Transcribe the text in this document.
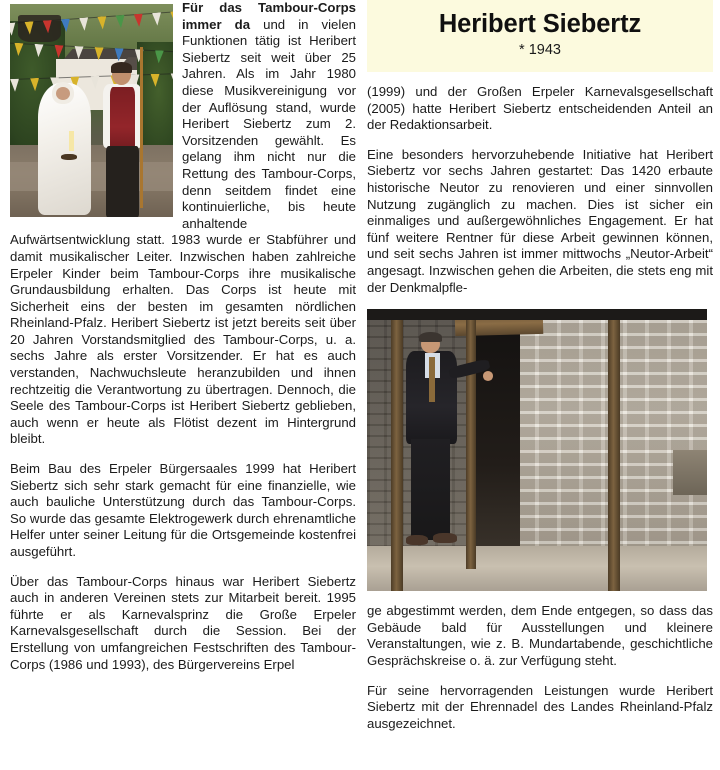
Für das Tambour-Corps immer da und in vielen Funktionen tätig ist Heribert Siebertz seit weit über 25 Jahren. Als im Jahr 1980 diese Musikvereinigung vor der Auflösung stand, wurde Heribert Siebertz zum 2. Vorsitzenden gewählt. Es gelang ihm nicht nur die Rettung des Tambour-Corps, denn seitdem findet eine kontinuierliche, bis heute anhaltende Aufwärtsentwicklung statt. 1983 wurde er Stabführer und damit musikalischer Leiter. Inzwischen haben zahlreiche Erpeler Kinder beim Tambour-Corps ihre musikalische Grundausbildung erhalten. Das Corps ist heute mit Sicherheit eins der besten im gesamten nördlichen Rheinland-Pfalz. Heribert Siebertz ist jetzt bereits seit über 20 Jahren Vorstandsmitglied des Tambour-Corps, u. a. sechs Jahre als erster Vorsitzender. Er hat es auch verstanden, Nachwuchsleute heranzubilden und ihnen rechtzeitig die Verantwortung zu übertragen. Dennoch, die Seele des Tambour-Corps ist Heribert Siebertz geblieben, auch wenn er heute als Flötist dezent im Hintergrund bleibt.

Beim Bau des Erpeler Bürgersaales 1999 hat Heribert Siebertz sich sehr stark gemacht für eine finanzielle, wie auch bauliche Unterstützung durch das Tambour-Corps. So wurde das gesamte Elektrogewerk durch ehrenamtliche Helfer unter seiner Leitung für die Ortsgemeinde kostenfrei ausgeführt.

Über das Tambour-Corps hinaus war Heribert Siebertz auch in anderen Vereinen stets zur Mitarbeit bereit. 1995 führte er als Karnevalsprinz die Große Erpeler Karnevalsgesellschaft durch die Session. Bei der Erstellung von umfangreichen Festschriften des Tambour-Corps (1986 und 1993), des Bürgervereins Erpel

Heribert Siebertz
* 1943

(1999) und der Großen Erpeler Karnevalsgesellschaft (2005) hatte Heribert Siebertz entscheidenden Anteil an der Redaktionsarbeit.

Eine besonders hervorzuhebende Initiative hat Heribert Siebertz vor sechs Jahren gestartet: Das 1420 erbaute historische Neutor zu renovieren und einer sinnvollen Nutzung zugänglich zu machen. Dies ist sicher ein einmaliges und außergewöhnliches Engagement. Er hat fünf weitere Rentner für diese Arbeit gewinnen können, und seit sechs Jahren ist immer mittwochs „Neutor-Arbeit“ angesagt. Inzwischen gehen die Arbeiten, die stets eng mit der Denkmalpfle-

ge abgestimmt werden, dem Ende entgegen, so dass das Gebäude bald für Ausstellungen und kleinere Veranstaltungen, wie z. B. Mundartabende, geschichtliche Gesprächskreise o. ä. zur Verfügung steht.

Für seine hervorragenden Leistungen wurde Heribert Siebertz mit der Ehrennadel des Landes Rheinland-Pfalz ausgezeichnet.
